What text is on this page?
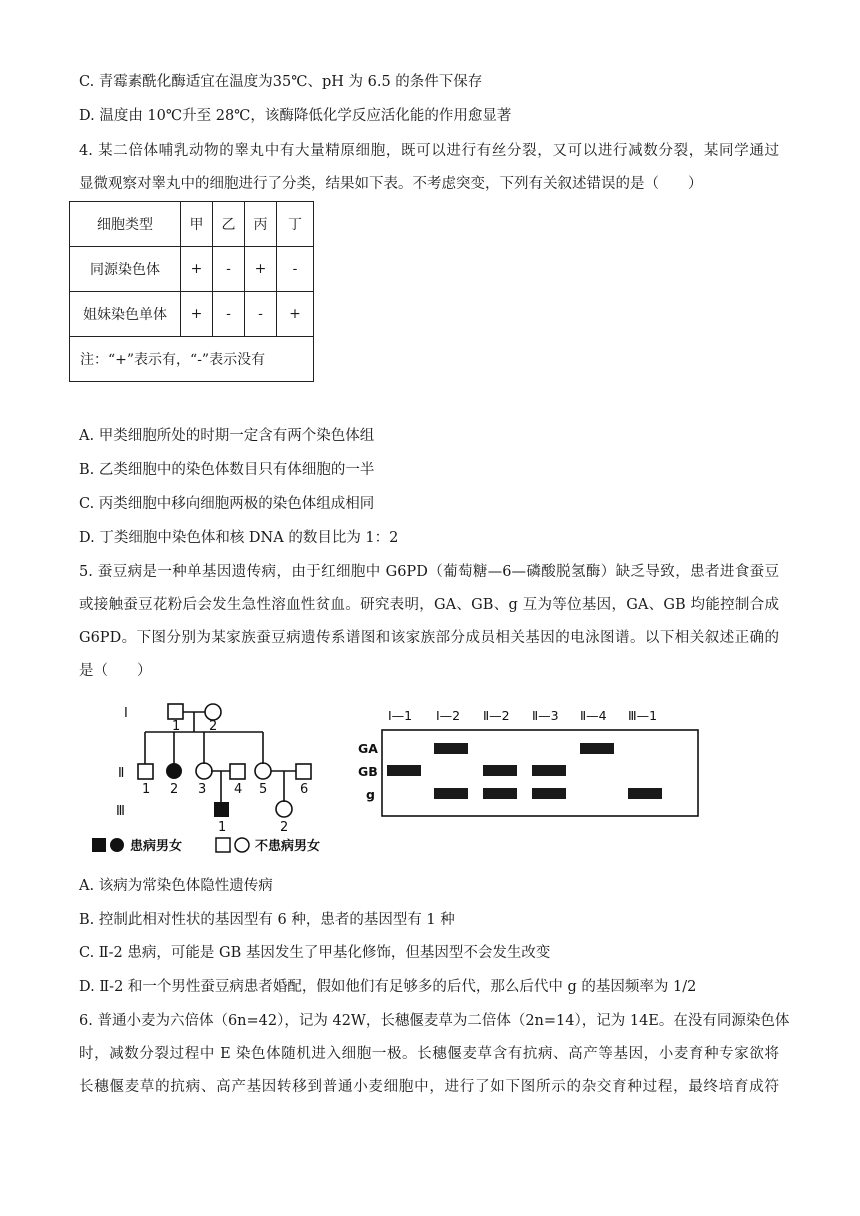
C. 青霉素酰化酶适宜在温度为35℃、pH 为 6.5 的条件下保存
D. 温度由 10℃升至 28℃，该酶降低化学反应活化能的作用愈显著
4. 某二倍体哺乳动物的睾丸中有大量精原细胞，既可以进行有丝分裂，又可以进行减数分裂，某同学通过
显微观察对睾丸中的细胞进行了分类，结果如下表。不考虑突变，下列有关叙述错误的是（　　）
细胞类型	甲	乙	丙	丁
同源染色体	+	-	+	-
姐妹染色单体	+	-	-	+
注：“+”表示有，“-”表示没有				
A. 甲类细胞所处的时期一定含有两个染色体组
B. 乙类细胞中的染色体数目只有体细胞的一半
C. 丙类细胞中移向细胞两极的染色体组成相同
D. 丁类细胞中染色体和核 DNA 的数目比为 1：2
5. 蚕豆病是一种单基因遗传病，由于红细胞中 G6PD（葡萄糖—6—磷酸脱氢酶）缺乏导致，患者进食蚕豆
或接触蚕豆花粉后会发生急性溶血性贫血。研究表明，GA、GB、g 互为等位基因，GA、GB 均能控制合成
G6PD。下图分别为某家族蚕豆病遗传系谱图和该家族部分成员相关基因的电泳图谱。以下相关叙述正确的
是（　　）
Ⅰ
Ⅱ
Ⅲ
1 2
1 2 3 4 5	6
1	2
患病男女	不患病男女
Ⅰ—1 Ⅰ—2 Ⅱ—2 Ⅱ—3 Ⅱ—4 Ⅲ—1
GA
GB
g
A. 该病为常染色体隐性遗传病
B. 控制此相对性状的基因型有 6 种，患者的基因型有 1 种
C. Ⅱ-2 患病，可能是 GB 基因发生了甲基化修饰，但基因型不会发生改变
D. Ⅱ-2 和一个男性蚕豆病患者婚配，假如他们有足够多的后代，那么后代中 g 的基因频率为 1/2
6. 普通小麦为六倍体（6n=42），记为 42W，长穗偃麦草为二倍体（2n=14），记为 14E。在没有同源染色体
时，减数分裂过程中 E 染色体随机进入细胞一极。长穗偃麦草含有抗病、高产等基因，小麦育种专家欲将
长穗偃麦草的抗病、高产基因转移到普通小麦细胞中，进行了如下图所示的杂交育种过程，最终培育成符
